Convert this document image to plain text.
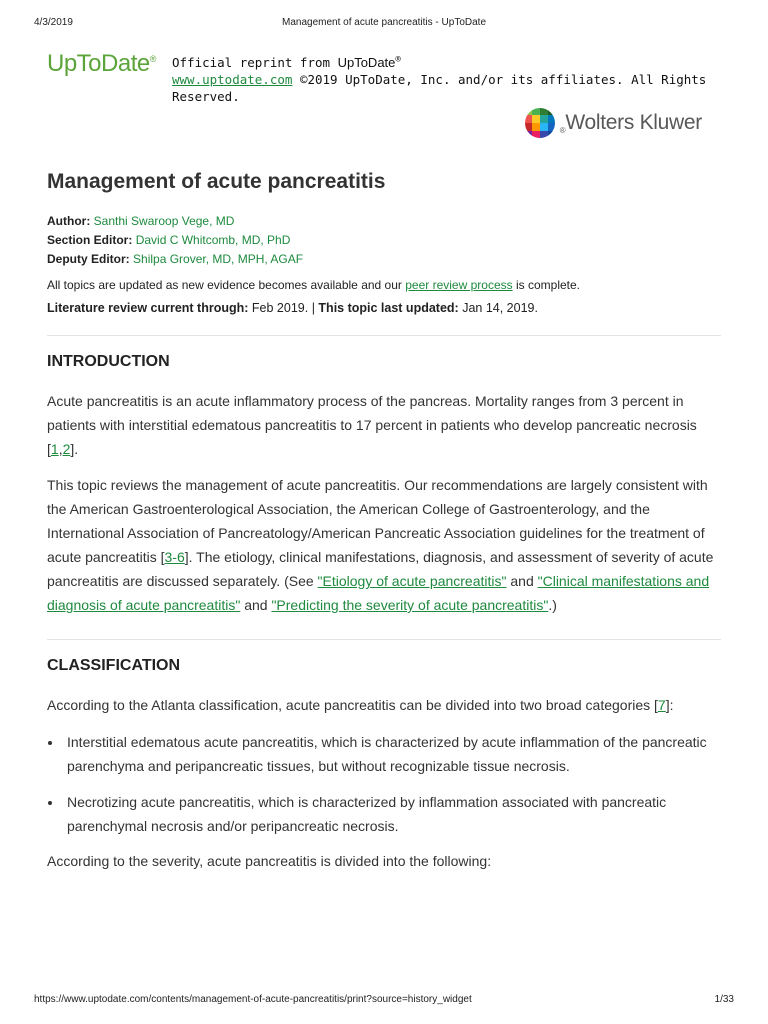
4/3/2019	Management of acute pancreatitis - UpToDate
UpToDate® Official reprint from UpToDate®
www.uptodate.com ©2019 UpToDate, Inc. and/or its affiliates. All Rights Reserved.
®Wolters Kluwer
Management of acute pancreatitis
Author: Santhi Swaroop Vege, MD
Section Editor: David C Whitcomb, MD, PhD
Deputy Editor: Shilpa Grover, MD, MPH, AGAF
All topics are updated as new evidence becomes available and our peer review process is complete.
Literature review current through: Feb 2019. | This topic last updated: Jan 14, 2019.
INTRODUCTION

Acute pancreatitis is an acute inflammatory process of the pancreas. Mortality ranges from 3 percent in patients with interstitial edematous pancreatitis to 17 percent in patients who develop pancreatic necrosis [1,2].

This topic reviews the management of acute pancreatitis. Our recommendations are largely consistent with the American Gastroenterological Association, the American College of Gastroenterology, and the International Association of Pancreatology/American Pancreatic Association guidelines for the treatment of acute pancreatitis [3-6]. The etiology, clinical manifestations, diagnosis, and assessment of severity of acute pancreatitis are discussed separately. (See "Etiology of acute pancreatitis" and "Clinical manifestations and diagnosis of acute pancreatitis" and "Predicting the severity of acute pancreatitis".)

CLASSIFICATION

According to the Atlanta classification, acute pancreatitis can be divided into two broad categories [7]:

• Interstitial edematous acute pancreatitis, which is characterized by acute inflammation of the pancreatic parenchyma and peripancreatic tissues, but without recognizable tissue necrosis.
• Necrotizing acute pancreatitis, which is characterized by inflammation associated with pancreatic parenchymal necrosis and/or peripancreatic necrosis.

According to the severity, acute pancreatitis is divided into the following:

https://www.uptodate.com/contents/management-of-acute-pancreatitis/print?source=history_widget	1/33
